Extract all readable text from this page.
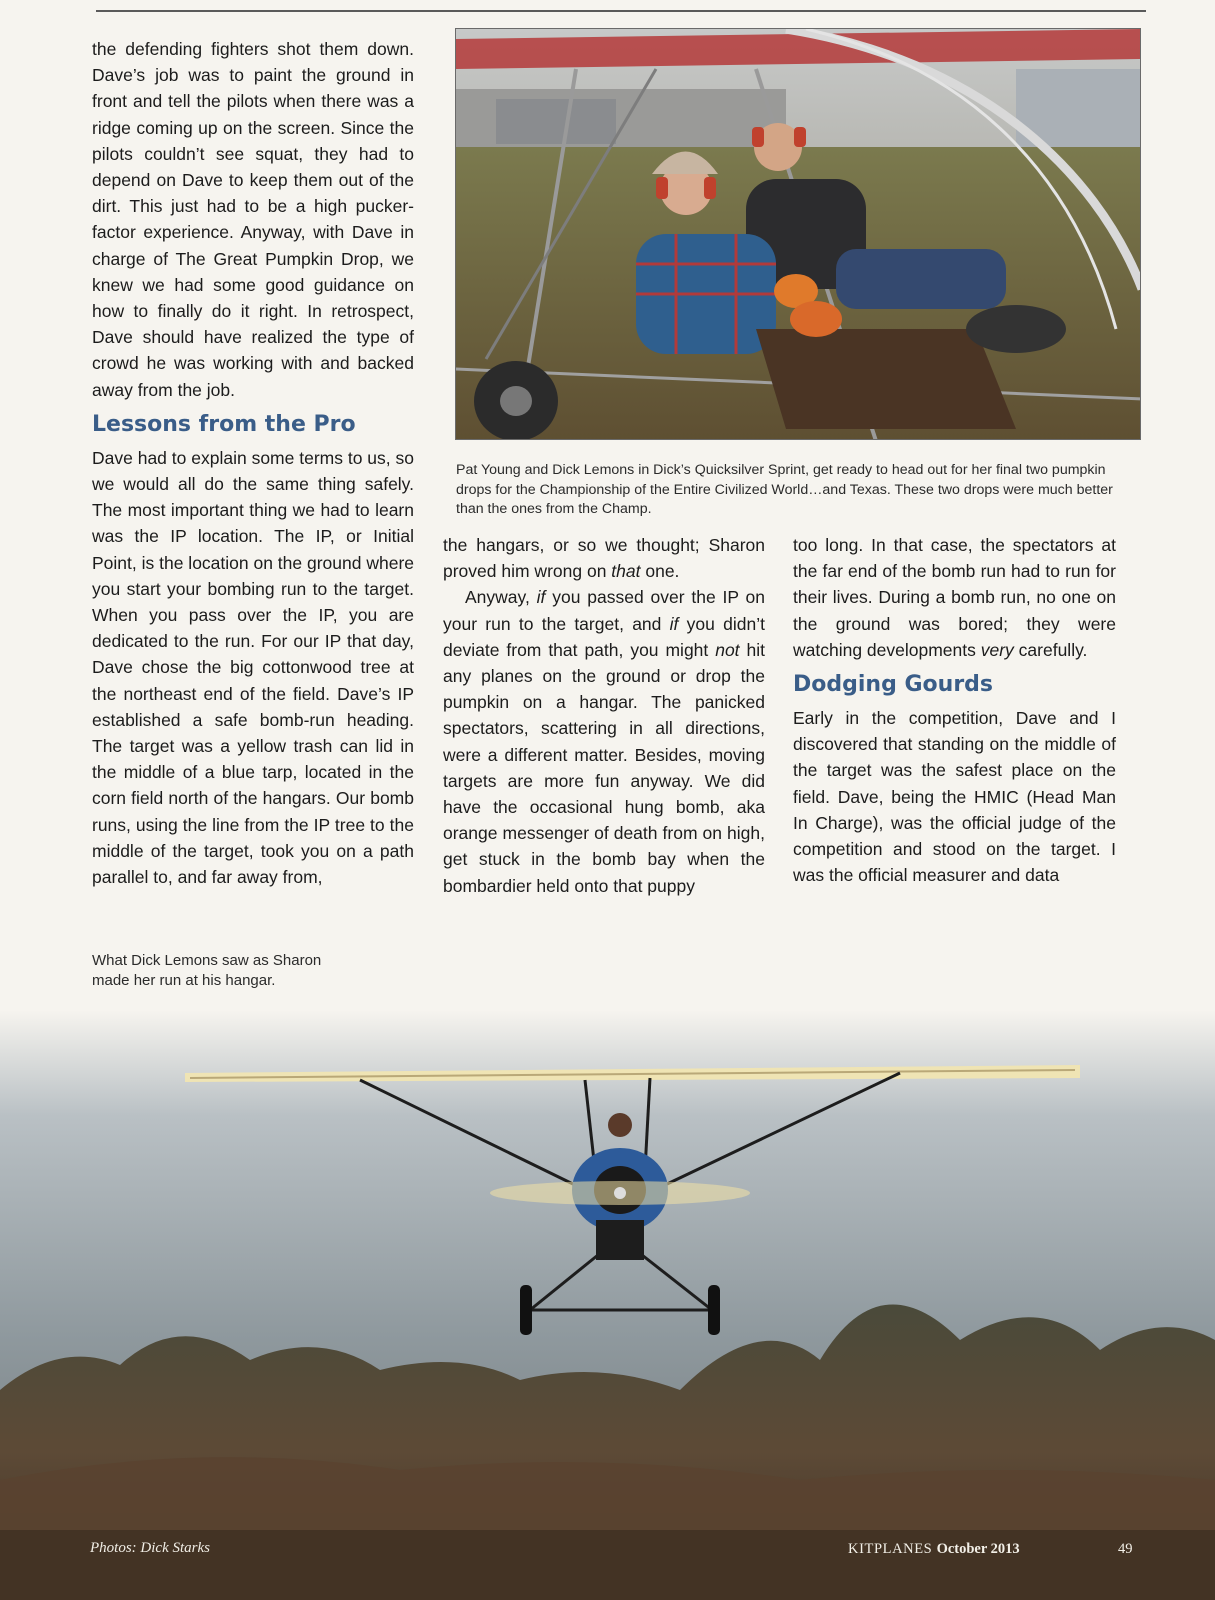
the defending fighters shot them down. Dave’s job was to paint the ground in front and tell the pilots when there was a ridge coming up on the screen. Since the pilots couldn’t see squat, they had to depend on Dave to keep them out of the dirt. This just had to be a high pucker-factor experience. Anyway, with Dave in charge of The Great Pumpkin Drop, we knew we had some good guidance on how to finally do it right. In retrospect, Dave should have realized the type of crowd he was working with and backed away from the job.

Lessons from the Pro

Dave had to explain some terms to us, so we would all do the same thing safely. The most important thing we had to learn was the IP location. The IP, or Initial Point, is the location on the ground where you start your bombing run to the target. When you pass over the IP, you are dedicated to the run. For our IP that day, Dave chose the big cottonwood tree at the northeast end of the field. Dave’s IP established a safe bomb-run heading. The target was a yellow trash can lid in the middle of a blue tarp, located in the corn field north of the hangars. Our bomb runs, using the line from the IP tree to the middle of the target, took you on a path parallel to, and far away from,

Pat Young and Dick Lemons in Dick’s Quicksilver Sprint, get ready to head out for her final two pumpkin drops for the Championship of the Entire Civilized World…and Texas. These two drops were much better than the ones from the Champ.

the hangars, or so we thought; Sharon proved him wrong on that one.

Anyway, if you passed over the IP on your run to the target, and if you didn’t deviate from that path, you might not hit any planes on the ground or drop the pumpkin on a hangar. The panicked spectators, scattering in all directions, were a different matter. Besides, moving targets are more fun anyway. We did have the occasional hung bomb, aka orange messenger of death from on high, get stuck in the bomb bay when the bombardier held onto that puppy

too long. In that case, the spectators at the far end of the bomb run had to run for their lives. During a bomb run, no one on the ground was bored; they were watching developments very carefully.

Dodging Gourds

Early in the competition, Dave and I discovered that standing on the middle of the target was the safest place on the field. Dave, being the HMIC (Head Man In Charge), was the official judge of the competition and stood on the target. I was the official measurer and data

What Dick Lemons saw as Sharon made her run at his hangar.
Photos: Dick Starks	KITPLANES October 2013	49
